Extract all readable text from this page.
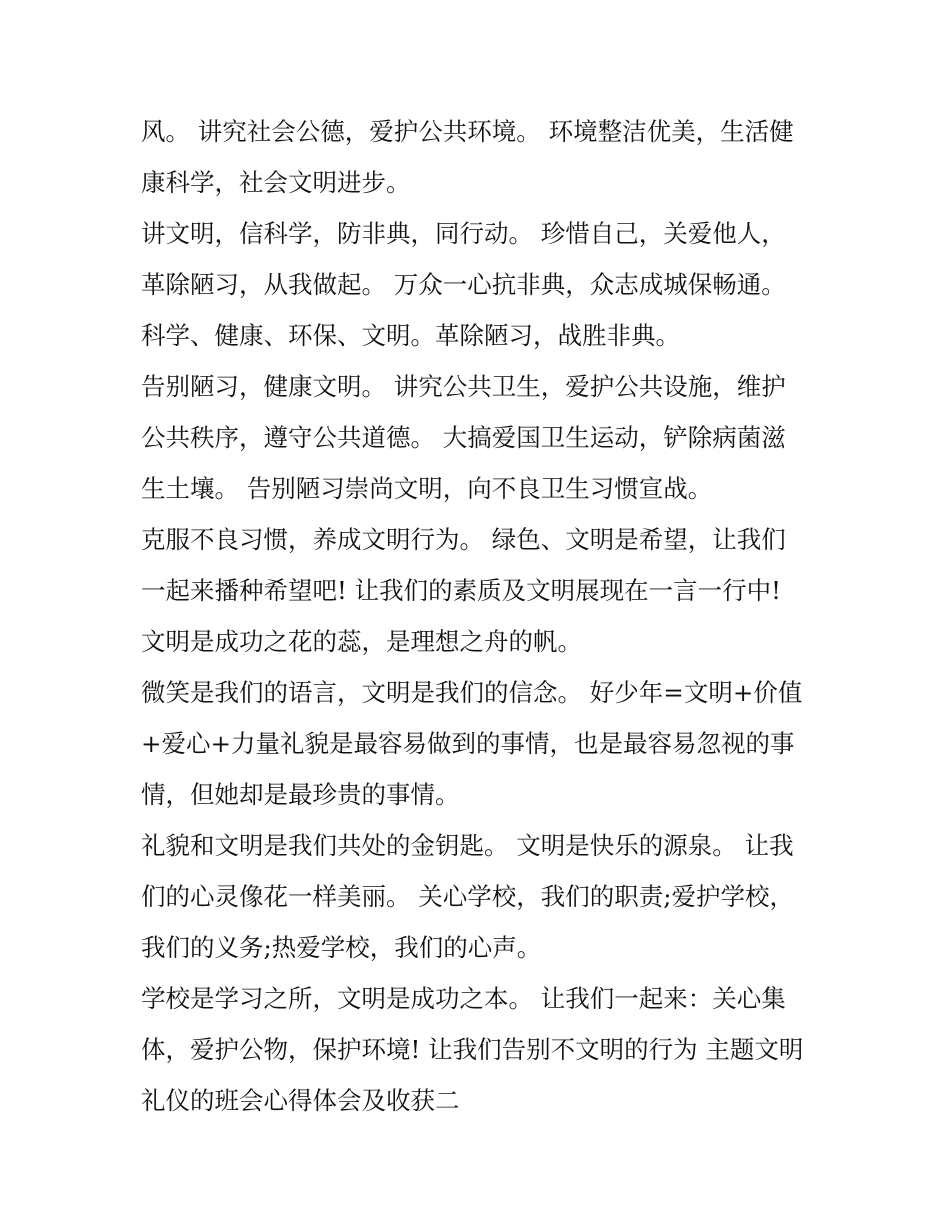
风。 讲究社会公德，爱护公共环境。 环境整洁优美，生活健
康科学，社会文明进步。

讲文明，信科学，防非典，同行动。 珍惜自己，关爱他人，
革除陋习，从我做起。 万众一心抗非典，众志成城保畅通。
科学、健康、环保、文明。革除陋习，战胜非典。

告别陋习，健康文明。 讲究公共卫生，爱护公共设施，维护
公共秩序，遵守公共道德。 大搞爱国卫生运动，铲除病菌滋
生土壤。 告别陋习崇尚文明，向不良卫生习惯宣战。

克服不良习惯，养成文明行为。 绿色、文明是希望，让我们
一起来播种希望吧! 让我们的素质及文明展现在一言一行中!
文明是成功之花的蕊，是理想之舟的帆。

微笑是我们的语言，文明是我们的信念。 好少年=文明+价值
+爱心+力量礼貌是最容易做到的事情，也是最容易忽视的事
情，但她却是最珍贵的事情。

礼貌和文明是我们共处的金钥匙。 文明是快乐的源泉。 让我
们的心灵像花一样美丽。 关心学校，我们的职责;爱护学校，
我们的义务;热爱学校，我们的心声。

学校是学习之所，文明是成功之本。 让我们一起来：关心集
体，爱护公物，保护环境! 让我们告别不文明的行为 主题文明
礼仪的班会心得体会及收获二
